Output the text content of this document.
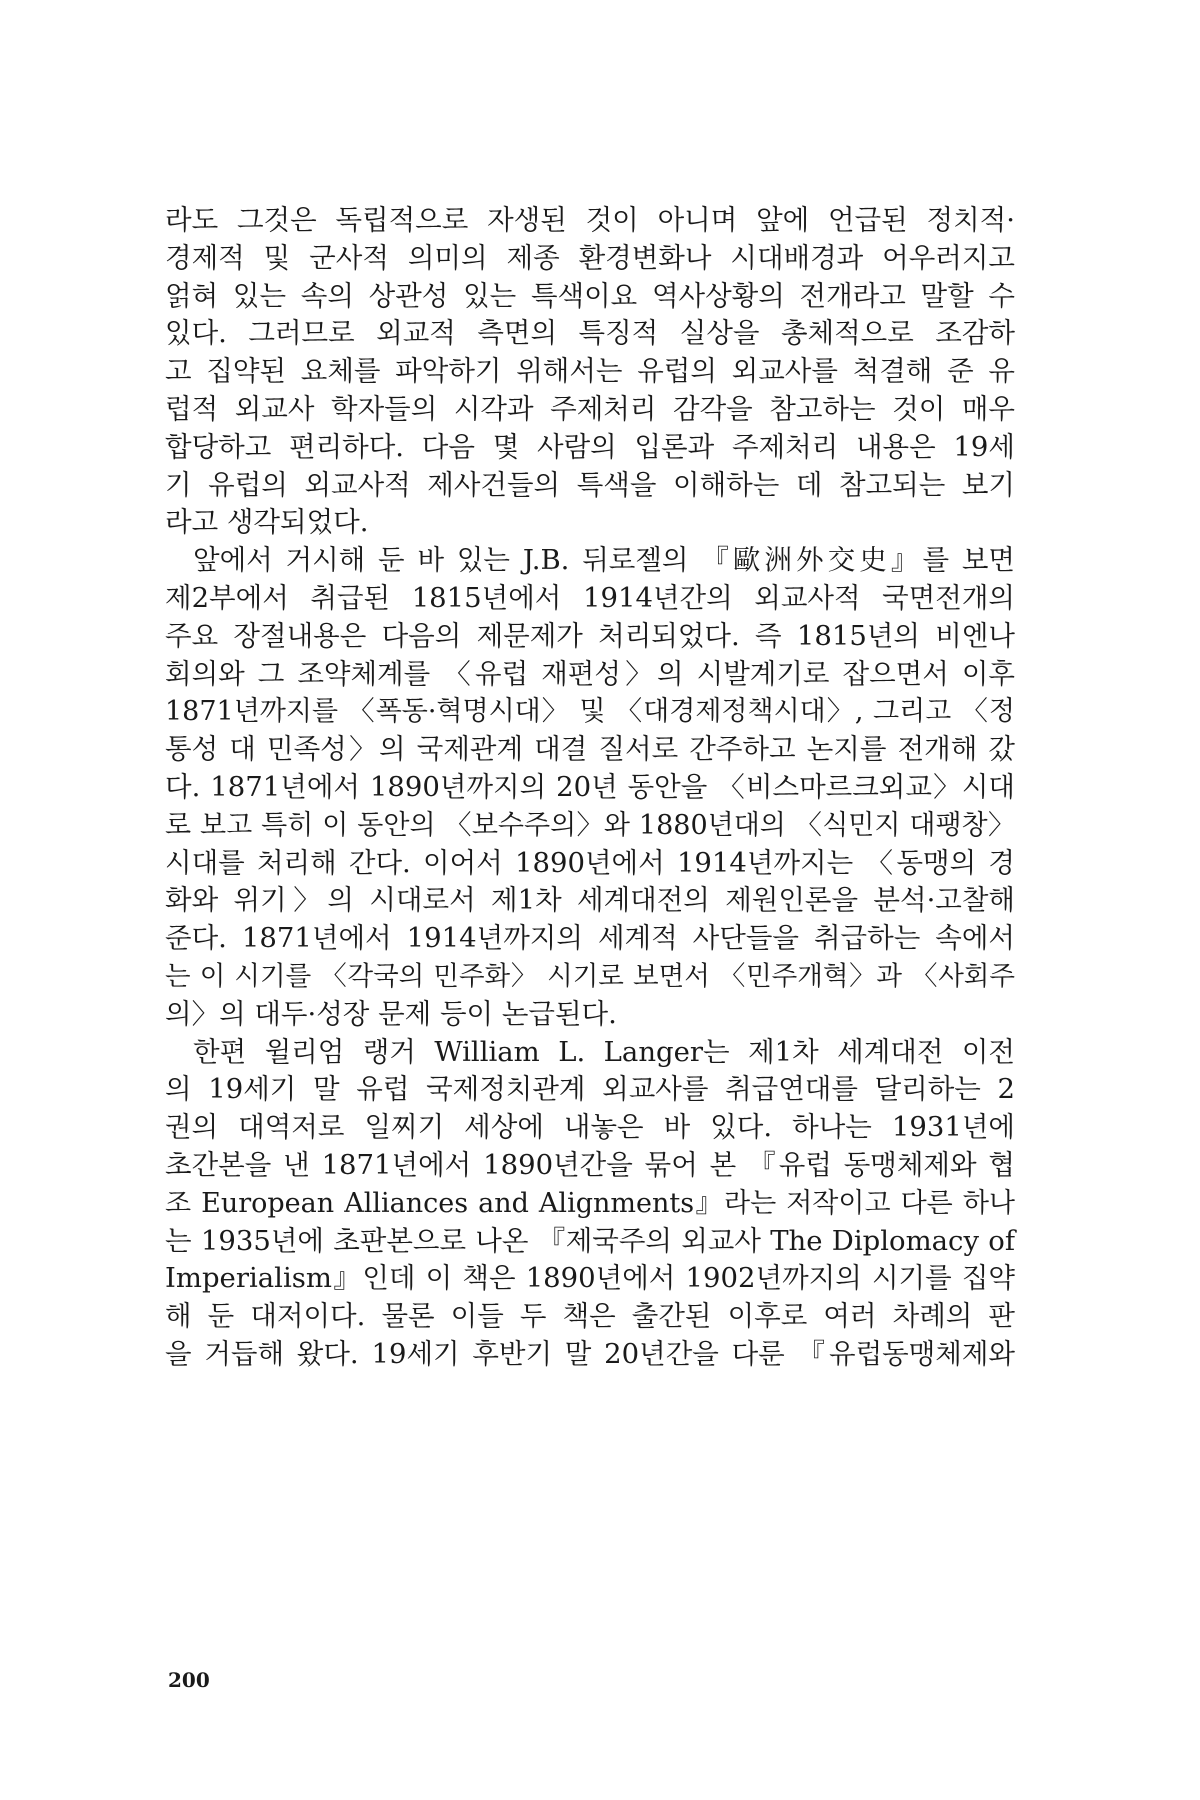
라도 그것은 독립적으로 자생된 것이 아니며 앞에 언급된 정치적·
경제적 및 군사적 의미의 제종 환경변화나 시대배경과 어우러지고
얽혀 있는 속의 상관성 있는 특색이요 역사상황의 전개라고 말할 수
있다. 그러므로 외교적 측면의 특징적 실상을 총체적으로 조감하
고 집약된 요체를 파악하기 위해서는 유럽의 외교사를 척결해 준 유
럽적 외교사 학자들의 시각과 주제처리 감각을 참고하는 것이 매우
합당하고 편리하다. 다음 몇 사람의 입론과 주제처리 내용은 19세
기 유럽의 외교사적 제사건들의 특색을 이해하는 데 참고되는 보기
라고 생각되었다.
앞에서 거시해 둔 바 있는 J.B. 뒤로젤의 『歐洲外交史』를 보면
제2부에서 취급된 1815년에서 1914년간의 외교사적 국면전개의
주요 장절내용은 다음의 제문제가 처리되었다. 즉 1815년의 비엔나
회의와 그 조약체계를 〈유럽 재편성〉의 시발계기로 잡으면서 이후
1871년까지를 〈폭동·혁명시대〉 및 〈대경제정책시대〉, 그리고 〈정
통성 대 민족성〉의 국제관계 대결 질서로 간주하고 논지를 전개해 갔
다. 1871년에서 1890년까지의 20년 동안을 〈비스마르크외교〉시대
로 보고 특히 이 동안의 〈보수주의〉와 1880년대의 〈식민지 대팽창〉
시대를 처리해 간다. 이어서 1890년에서 1914년까지는 〈동맹의 경
화와 위기〉의 시대로서 제1차 세계대전의 제원인론을 분석·고찰해
준다. 1871년에서 1914년까지의 세계적 사단들을 취급하는 속에서
는 이 시기를 〈각국의 민주화〉 시기로 보면서 〈민주개혁〉과 〈사회주
의〉의 대두·성장 문제 등이 논급된다.
한편 윌리엄 랭거 William L. Langer는 제1차 세계대전 이전
의 19세기 말 유럽 국제정치관계 외교사를 취급연대를 달리하는 2
권의 대역저로 일찌기 세상에 내놓은 바 있다. 하나는 1931년에
초간본을 낸 1871년에서 1890년간을 묶어 본 『유럽 동맹체제와 협
조 European Alliances and Alignments』라는 저작이고 다른 하나
는 1935년에 초판본으로 나온 『제국주의 외교사 The Diplomacy of
Imperialism』인데 이 책은 1890년에서 1902년까지의 시기를 집약
해 둔 대저이다. 물론 이들 두 책은 출간된 이후로 여러 차례의 판
을 거듭해 왔다. 19세기 후반기 말 20년간을 다룬 『유럽동맹체제와
200
